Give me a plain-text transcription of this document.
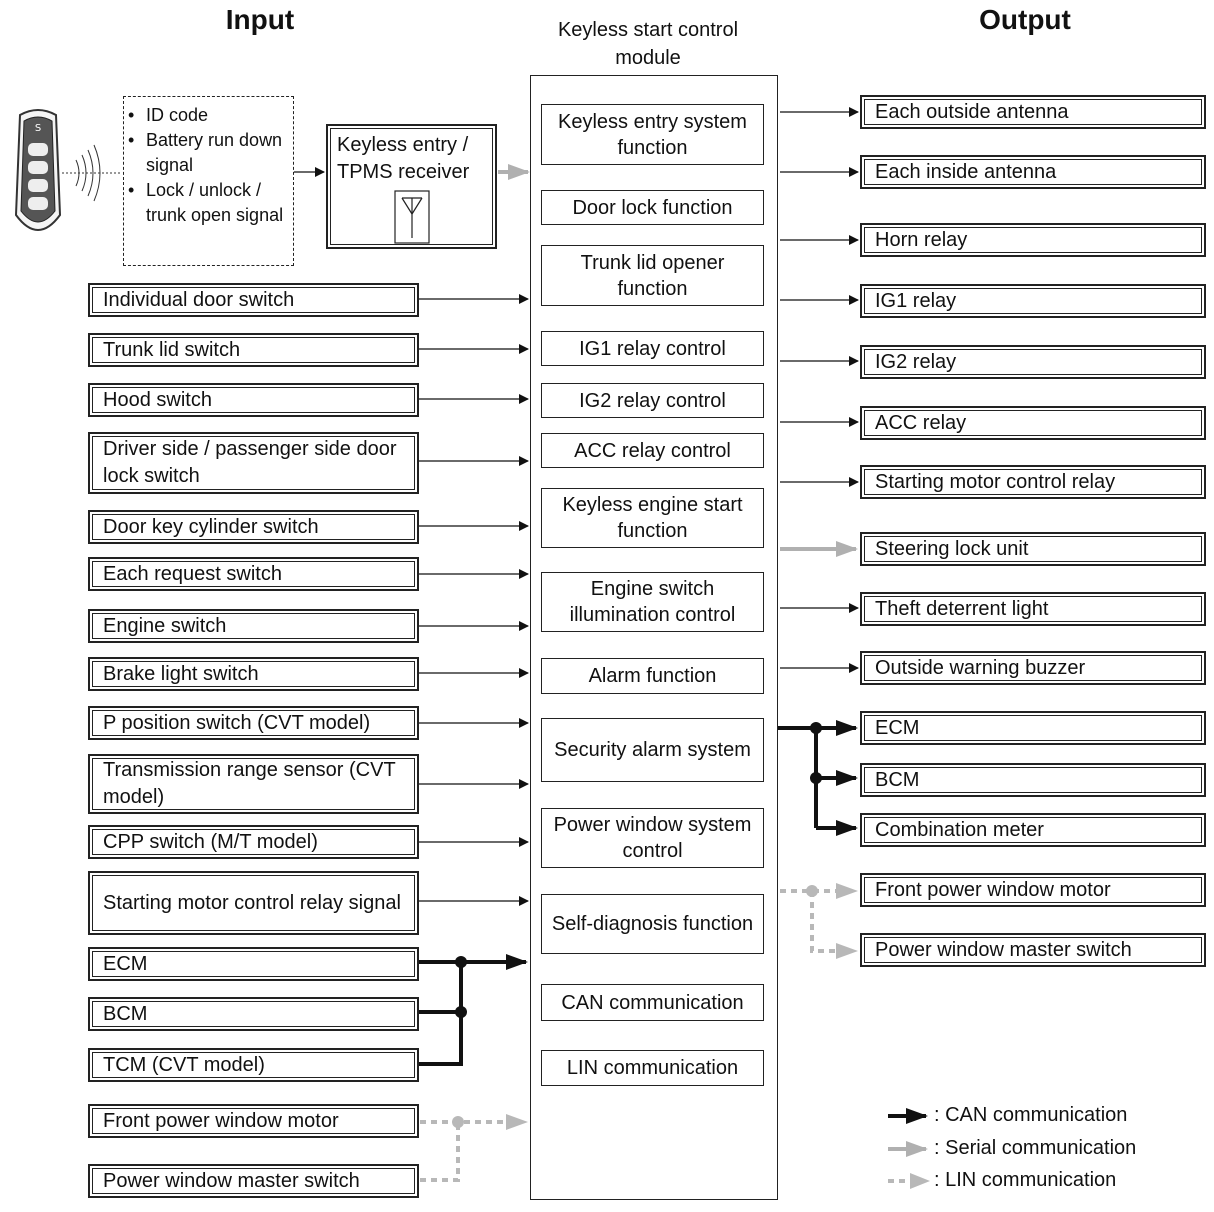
Input	Output
Keyless start control module
S
• ID code
• Battery run down signal
• Lock / unlock / trunk open signal
Keyless entry / TPMS receiver
Individual door switch
Trunk lid switch
Hood switch
Driver side / passenger side door lock switch
Door key cylinder switch
Each request switch
Engine switch
Brake light switch
P position switch (CVT model)
Transmission range sensor (CVT model)
CPP switch (M/T model)
Starting motor control relay signal
ECM
BCM
TCM (CVT model)
Front power window motor
Power window master switch
Keyless entry system function
Door lock function
Trunk lid opener function
IG1 relay control
IG2 relay control
ACC relay control
Keyless engine start function
Engine switch illumination control
Alarm function
Security alarm system
Power window system control
Self-diagnosis function
CAN communication
LIN communication
Each outside antenna
Each inside antenna
Horn relay
IG1 relay
IG2 relay
ACC relay
Starting motor control relay
Steering lock unit
Theft deterrent light
Outside warning buzzer
ECM
BCM
Combination meter
Front power window motor
Power window master switch
: CAN communication
: Serial communication
: LIN communication
